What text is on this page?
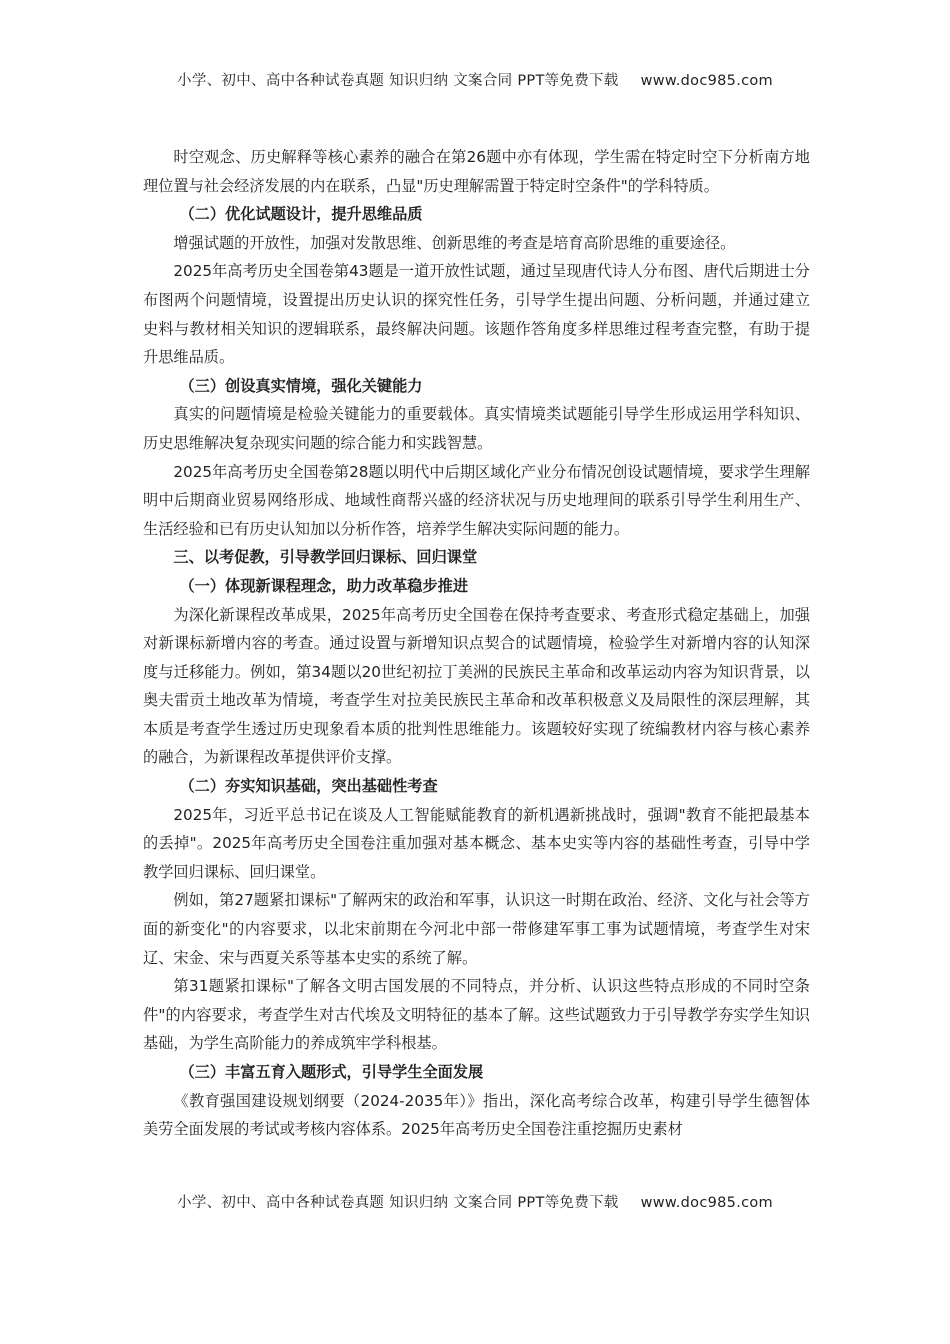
小学、初中、高中各种试卷真题 知识归纳 文案合同 PPT等免费下载 www.doc985.com

时空观念、历史解释等核心素养的融合在第26题中亦有体现，学生需在特定时空下分析南方地理位置与社会经济发展的内在联系，凸显"历史理解需置于特定时空条件"的学科特质。

（二）优化试题设计，提升思维品质

增强试题的开放性，加强对发散思维、创新思维的考查是培育高阶思维的重要途径。

2025年高考历史全国卷第43题是一道开放性试题，通过呈现唐代诗人分布图、唐代后期进士分布图两个问题情境，设置提出历史认识的探究性任务，引导学生提出问题、分析问题，并通过建立史料与教材相关知识的逻辑联系，最终解决问题。该题作答角度多样思维过程考查完整，有助于提升思维品质。

（三）创设真实情境，强化关键能力

真实的问题情境是检验关键能力的重要载体。真实情境类试题能引导学生形成运用学科知识、历史思维解决复杂现实问题的综合能力和实践智慧。

2025年高考历史全国卷第28题以明代中后期区域化产业分布情况创设试题情境，要求学生理解明中后期商业贸易网络形成、地域性商帮兴盛的经济状况与历史地理间的联系引导学生利用生产、生活经验和已有历史认知加以分析作答，培养学生解决实际问题的能力。

三、以考促教，引导教学回归课标、回归课堂

（一）体现新课程理念，助力改革稳步推进

为深化新课程改革成果，2025年高考历史全国卷在保持考查要求、考查形式稳定基础上，加强对新课标新增内容的考查。通过设置与新增知识点契合的试题情境，检验学生对新增内容的认知深度与迁移能力。例如，第34题以20世纪初拉丁美洲的民族民主革命和改革运动内容为知识背景，以奥夫雷贡土地改革为情境，考查学生对拉美民族民主革命和改革积极意义及局限性的深层理解，其本质是考查学生透过历史现象看本质的批判性思维能力。该题较好实现了统编教材内容与核心素养的融合，为新课程改革提供评价支撑。

（二）夯实知识基础，突出基础性考查

2025年，习近平总书记在谈及人工智能赋能教育的新机遇新挑战时，强调"教育不能把最基本的丢掉"。2025年高考历史全国卷注重加强对基本概念、基本史实等内容的基础性考查，引导中学教学回归课标、回归课堂。

例如，第27题紧扣课标"了解两宋的政治和军事，认识这一时期在政治、经济、文化与社会等方面的新变化"的内容要求，以北宋前期在今河北中部一带修建军事工事为试题情境，考查学生对宋辽、宋金、宋与西夏关系等基本史实的系统了解。

第31题紧扣课标"了解各文明古国发展的不同特点，并分析、认识这些特点形成的不同时空条件"的内容要求，考查学生对古代埃及文明特征的基本了解。这些试题致力于引导教学夯实学生知识基础，为学生高阶能力的养成筑牢学科根基。

（三）丰富五育入题形式，引导学生全面发展

《教育强国建设规划纲要（2024-2035年）》指出，深化高考综合改革，构建引导学生德智体美劳全面发展的考试或考核内容体系。2025年高考历史全国卷注重挖掘历史素材

小学、初中、高中各种试卷真题 知识归纳 文案合同 PPT等免费下载 www.doc985.com
